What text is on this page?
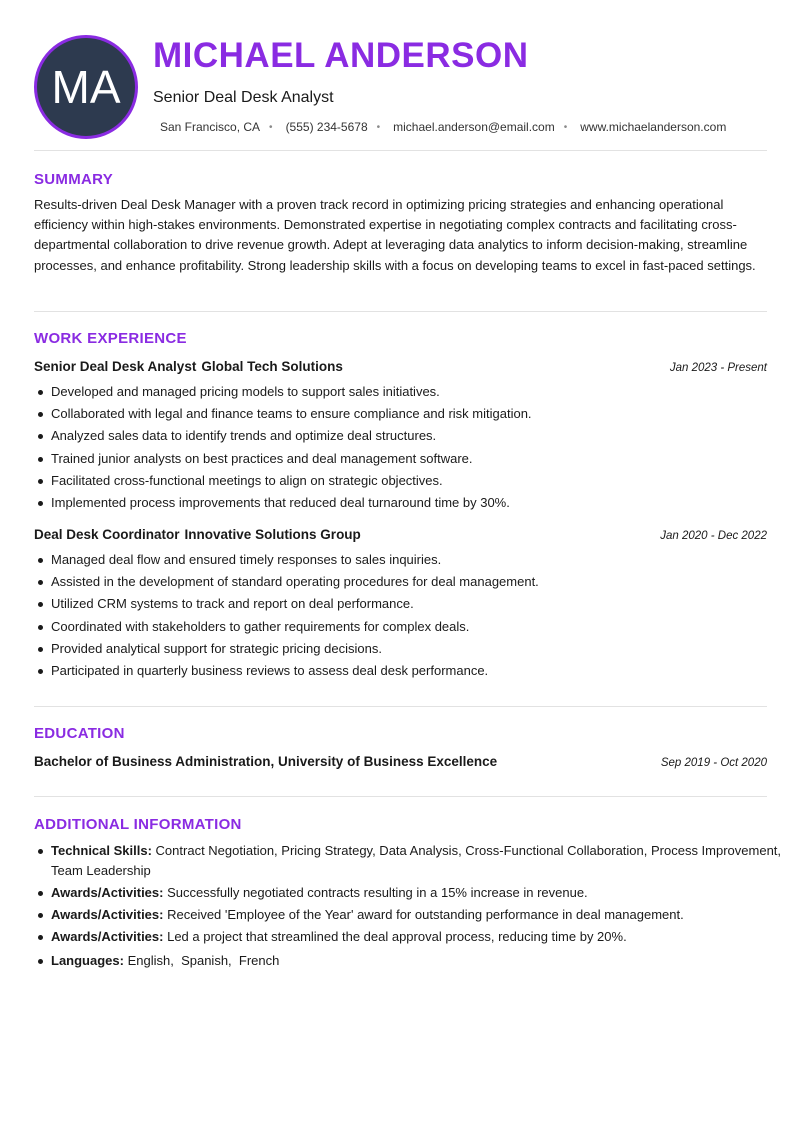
MA
MICHAEL ANDERSON
Senior Deal Desk Analyst
San Francisco, CA • (555) 234-5678 • michael.anderson@email.com • www.michaelanderson.com
SUMMARY

Results-driven Deal Desk Manager with a proven track record in optimizing pricing strategies and enhancing operational efficiency within high-stakes environments. Demonstrated expertise in negotiating complex contracts and facilitating cross-departmental collaboration to drive revenue growth. Adept at leveraging data analytics to inform decision-making, streamline processes, and enhance profitability. Strong leadership skills with a focus on developing teams to excel in fast-paced settings.

WORK EXPERIENCE
Senior Deal Desk Analyst Global Tech Solutions	Jan 2023 - Present
Developed and managed pricing models to support sales initiatives.
Collaborated with legal and finance teams to ensure compliance and risk mitigation.
Analyzed sales data to identify trends and optimize deal structures.
Trained junior analysts on best practices and deal management software.
Facilitated cross-functional meetings to align on strategic objectives.
Implemented process improvements that reduced deal turnaround time by 30%.
Deal Desk Coordinator Innovative Solutions Group	Jan 2020 - Dec 2022
Managed deal flow and ensured timely responses to sales inquiries.
Assisted in the development of standard operating procedures for deal management.
Utilized CRM systems to track and report on deal performance.
Coordinated with stakeholders to gather requirements for complex deals.
Provided analytical support for strategic pricing decisions.
Participated in quarterly business reviews to assess deal desk performance.
EDUCATION
Bachelor of Business Administration, University of Business Excellence	Sep 2019 - Oct 2020
ADDITIONAL INFORMATION
Technical Skills: Contract Negotiation, Pricing Strategy, Data Analysis, Cross-Functional Collaboration, Process Improvement, Team Leadership
Awards/Activities: Successfully negotiated contracts resulting in a 15% increase in revenue.
Awards/Activities: Received 'Employee of the Year' award for outstanding performance in deal management.
Awards/Activities: Led a project that streamlined the deal approval process, reducing time by 20%.
Languages: English,  Spanish,  French
